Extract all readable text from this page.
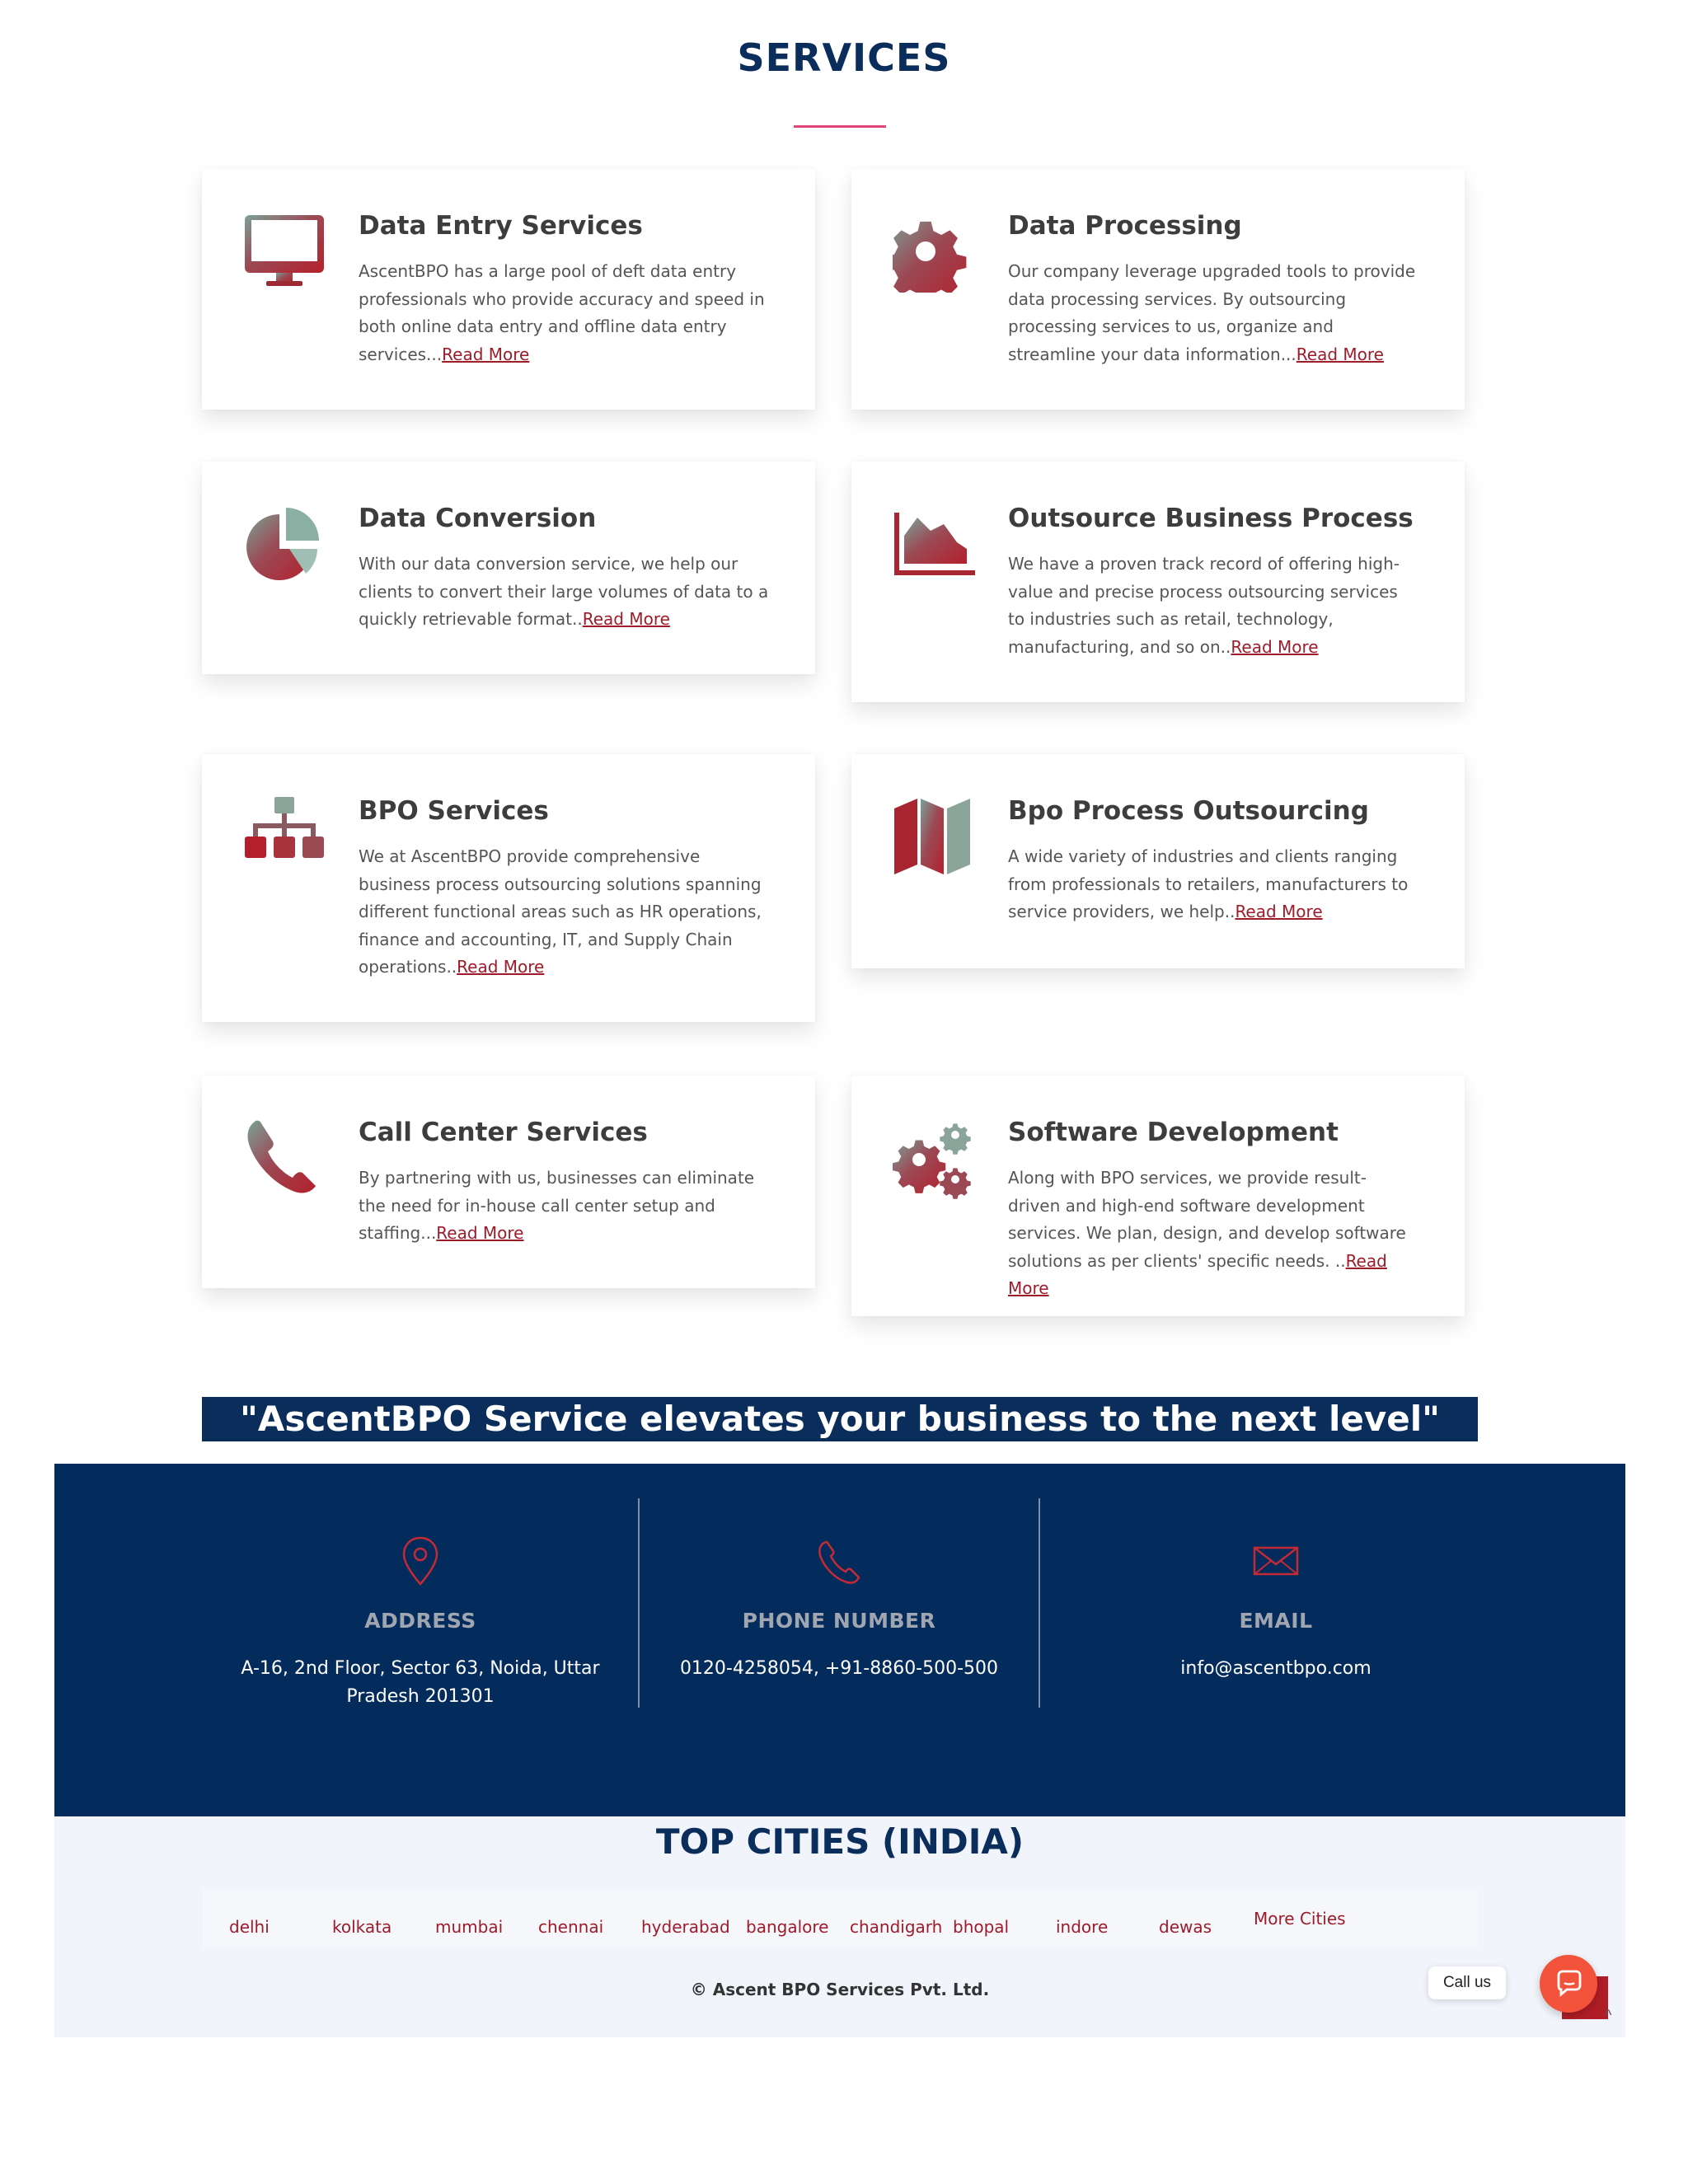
SERVICES
Data Entry Services
AscentBPO has a large pool of deft data entry professionals who provide accuracy and speed in both online data entry and offline data entry services...Read More
Data Processing
Our company leverage upgraded tools to provide data processing services. By outsourcing processing services to us, organize and streamline your data information...Read More
Data Conversion
With our data conversion service, we help our clients to convert their large volumes of data to a quickly retrievable format..Read More
Outsource Business Process
We have a proven track record of offering high-value and precise process outsourcing services to industries such as retail, technology, manufacturing, and so on..Read More
BPO Services
We at AscentBPO provide comprehensive business process outsourcing solutions spanning different functional areas such as HR operations, finance and accounting, IT, and Supply Chain operations..Read More
Bpo Process Outsourcing
A wide variety of industries and clients ranging from professionals to retailers, manufacturers to service providers, we help..Read More
Call Center Services
By partnering with us, businesses can eliminate the need for in-house call center setup and staffing...Read More
Software Development
Along with BPO services, we provide result-driven and high-end software development services. We plan, design, and develop software solutions as per clients' specific needs. ..Read More
"AscentBPO Service elevates your business to the next level"
ADDRESS
A-16, 2nd Floor, Sector 63, Noida, Uttar
Pradesh 201301
PHONE NUMBER
0120-4258054, +91-8860-500-500
EMAIL
info@ascentbpo.com
TOP CITIES (INDIA)
delhi	kolkata	mumbai chennai hyderabad bangalore chandigarh bhopal	indore	dewas	More Cities
© Ascent BPO Services Pvt. Ltd.
^
Call us
